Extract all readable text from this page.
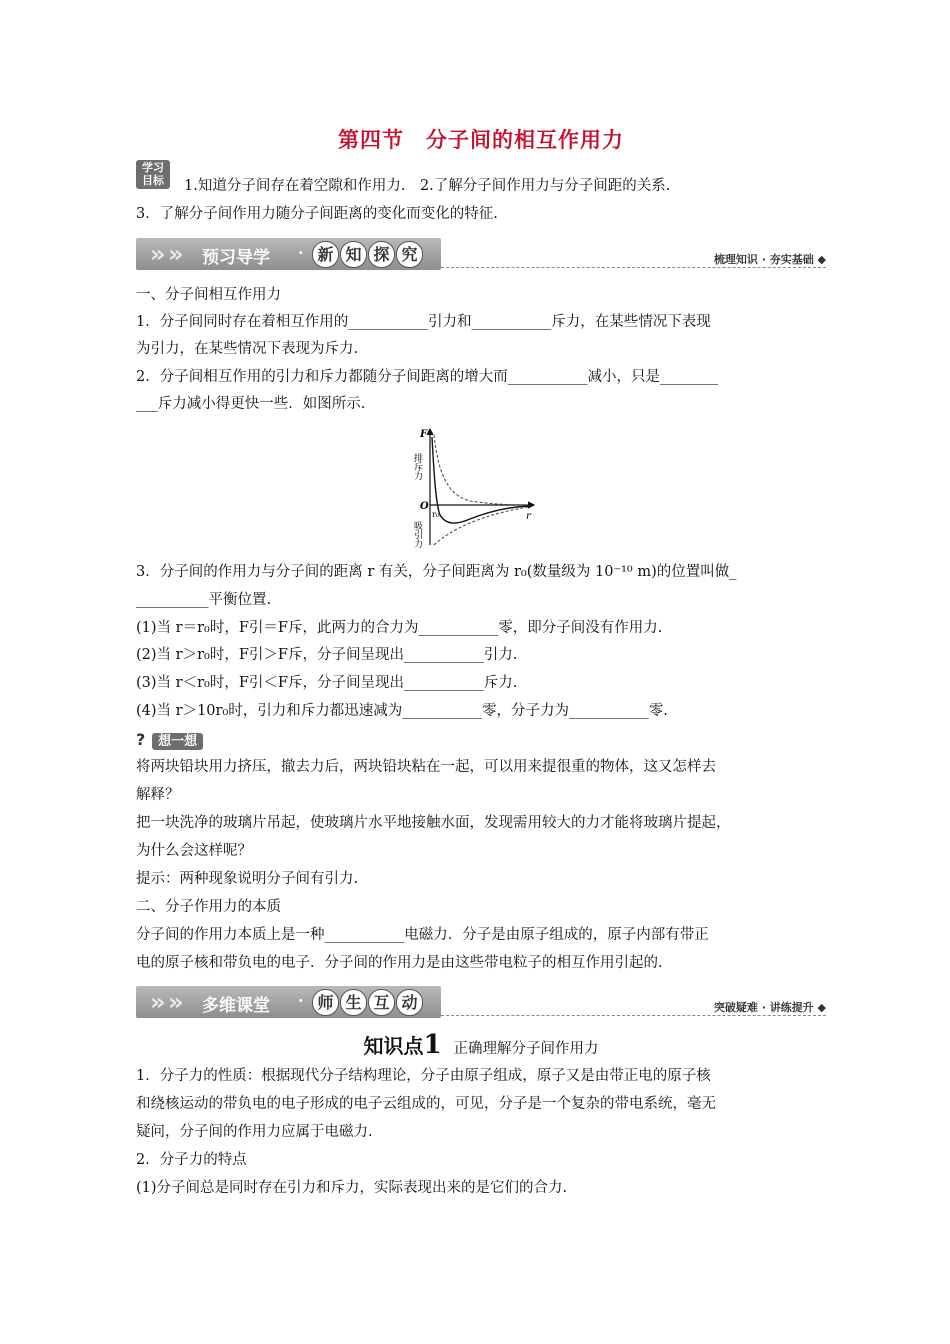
第四节 分子间的相互作用力
学习
目标	1.知道分子间存在着空隙和作用力.　2.了解分子间作用力与分子间距的关系.
3．了解分子间作用力随分子间距离的变化而变化的特征.
» » 预习导学 · 新 知 探 究	梳理知识 · 夯实基础 ◆
一、分子间相互作用力
1．分子间同时存在着相互作用的___________引力和___________斥力，在某些情况下表现
为引力，在某些情况下表现为斥力.
2．分子间相互作用的引力和斥力都随分子间距离的增大而___________减小，只是________
___斥力减小得更快一些．如图所示.
3．分子间的作用力与分子间的距离 r 有关，分子间距离为 r₀(数量级为 10⁻¹⁰ m)的位置叫做_
__________平衡位置.
(1)当 r＝r₀时，F引＝F斥，此两力的合力为___________零，即分子间没有作用力.
(2)当 r＞r₀时，F引＞F斥，分子间呈现出___________引力.
(3)当 r＜r₀时，F引＜F斥，分子间呈现出___________斥力.
(4)当 r＞10r₀时，引力和斥力都迅速减为___________零，分子力为___________零.
? 想一想
将两块铅块用力挤压，撤去力后，两块铅块粘在一起，可以用来提很重的物体，这又怎样去
解释？
把一块洗净的玻璃片吊起，使玻璃片水平地接触水面，发现需用较大的力才能将玻璃片提起，
为什么会这样呢？
提示：两种现象说明分子间有引力.
二、分子作用力的本质
分子间的作用力本质上是一种___________电磁力．分子是由原子组成的，原子内部有带正
电的原子核和带负电的电子．分子间的作用力是由这些带电粒子的相互作用引起的.
» » 多维课堂 · 师 生 互 动	突破疑难 · 讲练提升 ◆
知识点1 正确理解分子间作用力
1．分子力的性质：根据现代分子结构理论，分子由原子组成，原子又是由带正电的原子核
和绕核运动的带负电的电子形成的电子云组成的，可见，分子是一个复杂的带电系统，毫无
疑问，分子间的作用力应属于电磁力.
2．分子力的特点
(1)分子间总是同时存在引力和斥力，实际表现出来的是它们的合力.
F
O
r₀	r
排斥力
吸引力
